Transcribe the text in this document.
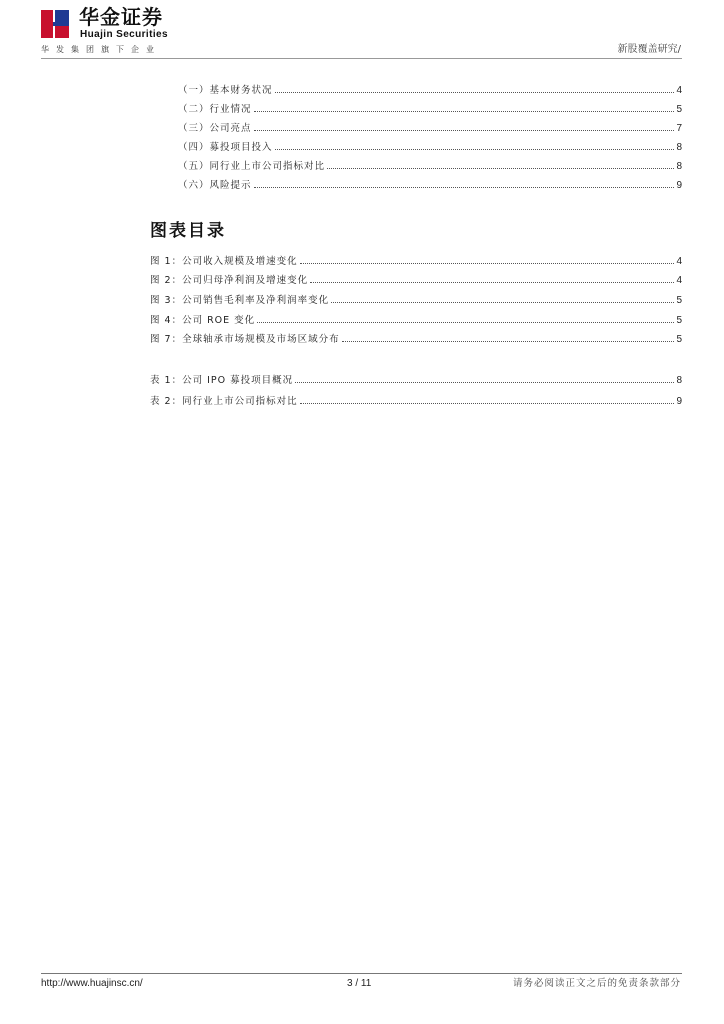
华金证券
Huajin Securities
华发集团旗下企业	新股覆盖研究/
（一）基本财务状况	4
（二）行业情况	5
（三）公司亮点	7
（四）募投项目投入	8
（五）同行业上市公司指标对比	8
（六）风险提示	9
图表目录
图 1：公司收入规模及增速变化	4
图 2：公司归母净利润及增速变化	4
图 3：公司销售毛利率及净利润率变化	5
图 4：公司 ROE 变化	5
图 7：全球轴承市场规模及市场区域分布	5
表 1：公司 IPO 募投项目概况	8
表 2：同行业上市公司指标对比	9
http://www.huajinsc.cn/	3 / 11	请务必阅读正文之后的免责条款部分
